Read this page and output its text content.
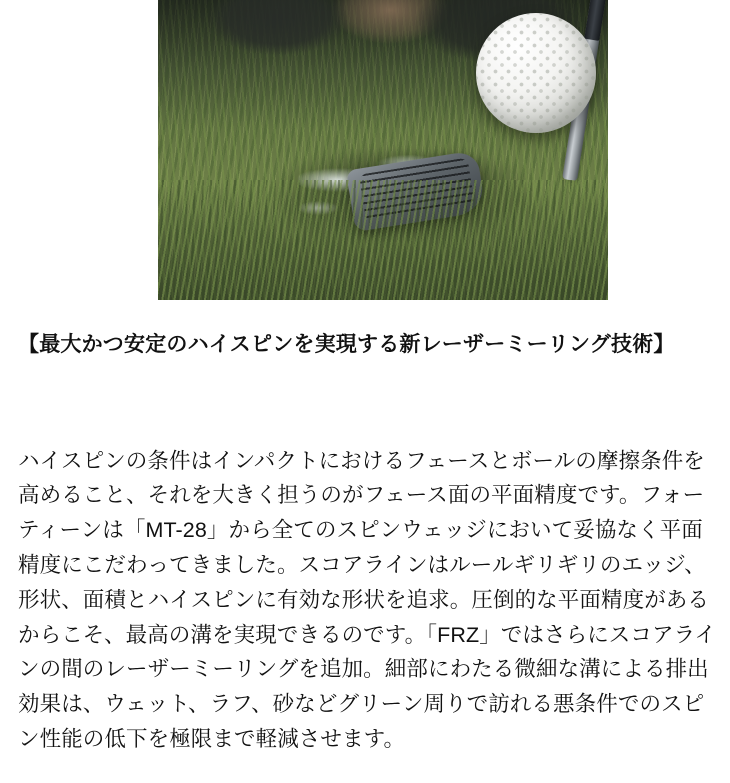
【最大かつ安定のハイスピンを実現する新レーザーミーリング技術】

ハイスピンの条件はインパクトにおけるフェースとボールの摩擦条件を高めること、それを大きく担うのがフェース面の平面精度です。フォーティーンは「MT-28」から全てのスピンウェッジにおいて妥協なく平面精度にこだわってきました。スコアラインはルールギリギリのエッジ、形状、面積とハイスピンに有効な形状を追求。圧倒的な平面精度があるからこそ、最高の溝を実現できるのです。「FRZ」ではさらにスコアラインの間のレーザーミーリングを追加。細部にわたる微細な溝による排出効果は、ウェット、ラフ、砂などグリーン周りで訪れる悪条件でのスピン性能の低下を極限まで軽減させます。
